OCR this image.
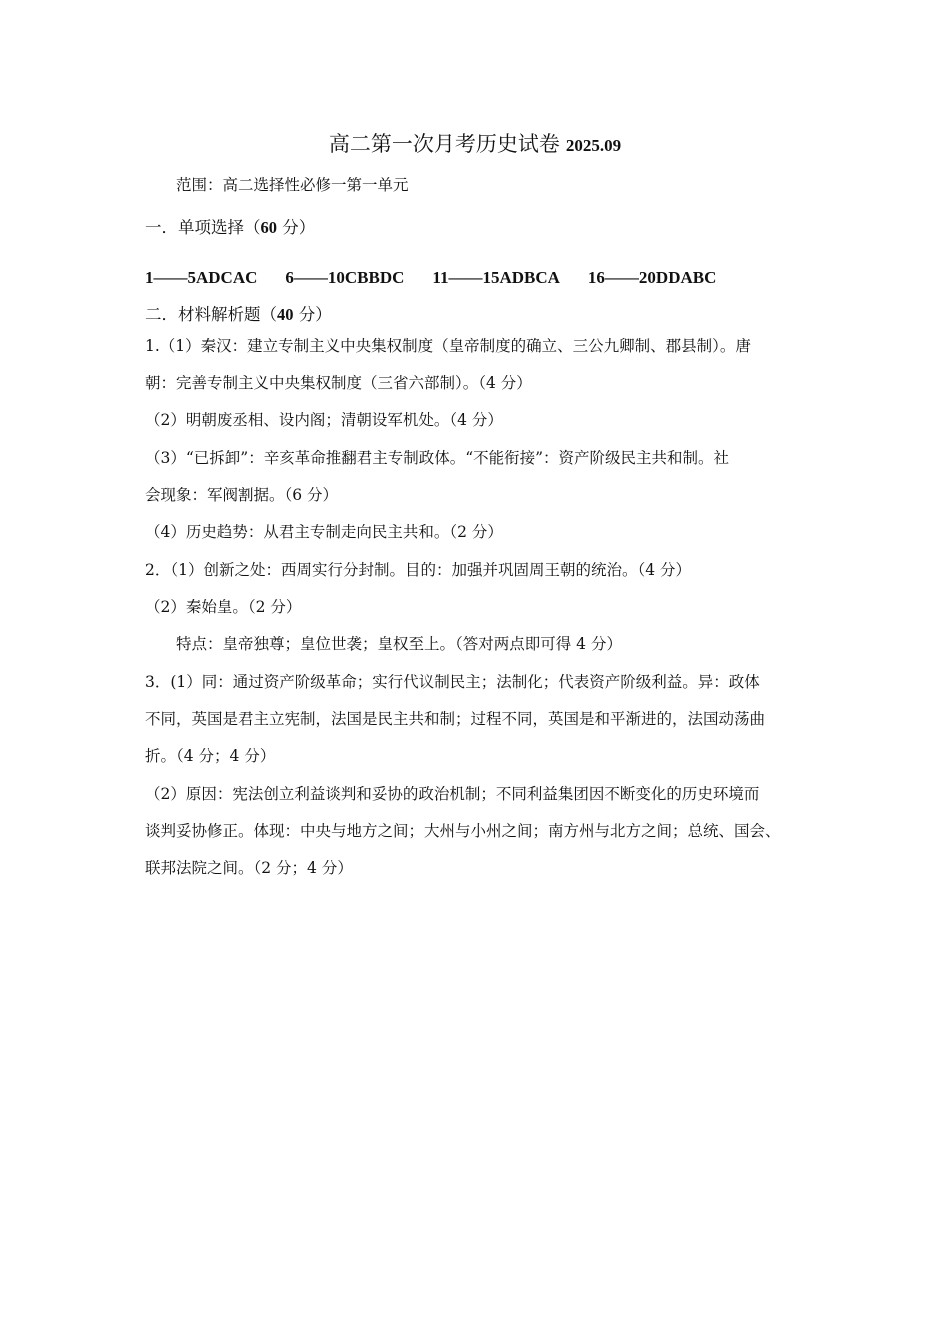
高二第一次月考历史试卷 2025.09
范围：高二选择性必修一第一单元
一．单项选择（60 分）
1——5ADCAC 6——10CBBDC 11——15ADBCA 16——20DDABC
二．材料解析题（40 分）
1.（1）秦汉：建立专制主义中央集权制度（皇帝制度的确立、三公九卿制、郡县制）。唐
朝：完善专制主义中央集权制度（三省六部制）。（4 分）
（2）明朝废丞相、设内阁；清朝设军机处。（4 分）
（3）“已拆卸”：辛亥革命推翻君主专制政体。“不能衔接”：资产阶级民主共和制。社
会现象：军阀割据。（6 分）
（4）历史趋势：从君主专制走向民主共和。（2 分）
2．（1）创新之处：西周实行分封制。目的：加强并巩固周王朝的统治。（4 分）
（2）秦始皇。（2 分）
特点：皇帝独尊；皇位世袭；皇权至上。（答对两点即可得 4 分）
3．(1）同：通过资产阶级革命；实行代议制民主；法制化；代表资产阶级利益。异：政体
不同，英国是君主立宪制，法国是民主共和制；过程不同，英国是和平渐进的，法国动荡曲
折。（4 分；4 分）
（2）原因：宪法创立利益谈判和妥协的政治机制；不同利益集团因不断变化的历史环境而
谈判妥协修正。体现：中央与地方之间；大州与小州之间；南方州与北方之间；总统、国会、
联邦法院之间。（2 分；4 分）
